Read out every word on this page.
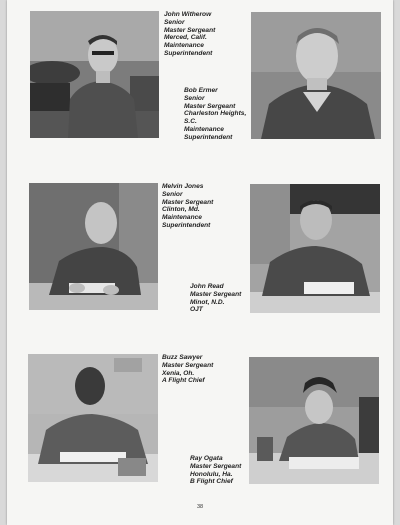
John Witherow
Senior
Master Sergeant
Merced, Calif.
Maintenance
Superintendent
Bob Ermer
Senior
Master Sergeant
Charleston Heights,
S.C.
Maintenance
Superintendent
Melvin Jones
Senior
Master Sergeant
Clinton, Md.
Maintenance
Superintendent
John Read
Master Sergeant
Minot, N.D.
OJT
Buzz Sawyer
Master Sergeant
Xenia, Oh.
A Flight Chief
Ray Ogata
Master Sergeant
Honolulu, Ha.
B Flight Chief
38
